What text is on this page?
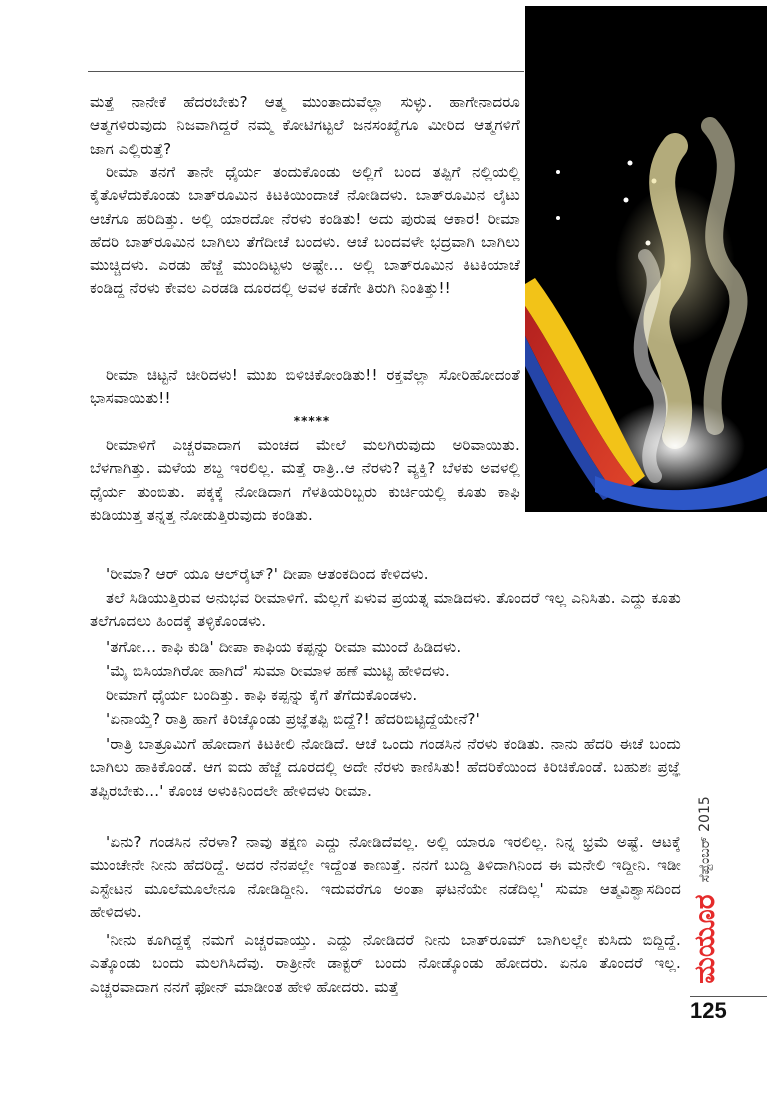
ಮತ್ತೆ ನಾನೇಕೆ ಹೆದರಬೇಕು? ಆತ್ಮ ಮುಂತಾದುವೆಲ್ಲಾ ಸುಳ್ಳು. ಹಾಗೇನಾದರೂ ಆತ್ಮಗಳಿರುವುದು ನಿಜವಾಗಿದ್ದರೆ ನಮ್ಮ ಕೋಟಿಗಟ್ಟಲೆ ಜನಸಂಖ್ಯೆಗೂ ಮೀರಿದ ಆತ್ಮಗಳಿಗೆ ಜಾಗ ಎಲ್ಲಿರುತ್ತೆ?

ರೀಮಾ ತನಗೆ ತಾನೇ ಧೈರ್ಯ ತಂದುಕೊಂಡು ಅಲ್ಲಿಗೆ ಬಂದ ತಪ್ಪಿಗೆ ನಲ್ಲಿಯಲ್ಲಿ ಕೈತೊಳೆದುಕೊಂಡು ಬಾತ್‌ರೂಮಿನ ಕಿಟಕಿಯಿಂದಾಚೆ ನೋಡಿದಳು. ಬಾತ್‌ರೂಮಿನ ಲೈಟು ಆಚೆಗೂ ಹರಿದಿತ್ತು. ಅಲ್ಲಿ ಯಾರದೋ ನೆರಳು ಕಂಡಿತು! ಅದು ಪುರುಷ ಆಕಾರ! ರೀಮಾ ಹೆದರಿ ಬಾತ್‌ರೂಮಿನ ಬಾಗಿಲು ತೆಗೆದೀಚೆ ಬಂದಳು. ಆಚೆ ಬಂದವಳೇ ಭದ್ರವಾಗಿ ಬಾಗಿಲು ಮುಚ್ಚಿದಳು. ಎರಡು ಹೆಜ್ಜೆ ಮುಂದಿಟ್ಟಳು ಅಷ್ಟೇ... ಅಲ್ಲಿ ಬಾತ್‌ರೂಮಿನ ಕಿಟಕಿಯಾಚೆ ಕಂಡಿದ್ದ ನೆರಳು ಕೇವಲ ಎರಡಡಿ ದೂರದಲ್ಲಿ ಅವಳ ಕಡೆಗೇ ತಿರುಗಿ ನಿಂತಿತ್ತು!!

ರೀಮಾ ಚಿಟ್ಟನೆ ಚೀರಿದಳು! ಮುಖ ಬಿಳಿಚಿಕೋಂಡಿತು!! ರಕ್ತವೆಲ್ಲಾ ಸೋರಿಹೋದಂತೆ ಭಾಸವಾಯಿತು!!

*****

ರೀಮಾಳಿಗೆ ಎಚ್ಚರವಾದಾಗ ಮಂಚದ ಮೇಲೆ ಮಲಗಿರುವುದು ಅರಿವಾಯಿತು. ಬೆಳಗಾಗಿತ್ತು. ಮಳೆಯ ಶಬ್ದ ಇರಲಿಲ್ಲ. ಮತ್ತೆ ರಾತ್ರಿ..ಆ ನೆರಳು? ವ್ಯಕ್ತಿ? ಬೆಳಕು ಅವಳಲ್ಲಿ ಧೈರ್ಯ ತುಂಬಿತು. ಪಕ್ಕಕ್ಕೆ ನೋಡಿದಾಗ ಗೆಳತಿಯರಿಬ್ಬರು ಕುರ್ಚಿಯಲ್ಲಿ ಕೂತು ಕಾಫಿ ಕುಡಿಯುತ್ತ ತನ್ನತ್ತ ನೋಡುತ್ತಿರುವುದು ಕಂಡಿತು.

'ರೀಮಾ? ಆರ್ ಯೂ ಆಲ್‌ರೈಟ್?' ದೀಪಾ ಆತಂಕದಿಂದ ಕೇಳಿದಳು.

ತಲೆ ಸಿಡಿಯುತ್ತಿರುವ ಅನುಭವ ರೀಮಾಳಿಗೆ. ಮೆಲ್ಲಗೆ ಏಳುವ ಪ್ರಯತ್ನ ಮಾಡಿದಳು. ತೊಂದರೆ ಇಲ್ಲ ಎನಿಸಿತು. ಎದ್ದು ಕೂತು ತಲೆಗೂದಲು ಹಿಂದಕ್ಕೆ ತಳ್ಳಿಕೊಂಡಳು.

'ತಗೋ... ಕಾಫಿ ಕುಡಿ' ದೀಪಾ ಕಾಫಿಯ ಕಪ್ಪನ್ನು ರೀಮಾ ಮುಂದೆ ಹಿಡಿದಳು.

'ಮೈ ಬಿಸಿಯಾಗಿರೋ ಹಾಗಿದೆ' ಸುಮಾ ರೀಮಾಳ ಹಣೆ ಮುಟ್ಟಿ ಹೇಳಿದಳು.

ರೀಮಾಗೆ ಧೈರ್ಯ ಬಂದಿತ್ತು. ಕಾಫಿ ಕಪ್ಪನ್ನು ಕೈಗೆ ತೆಗೆದುಕೊಂಡಳು.

'ಏನಾಯ್ತೆ? ರಾತ್ರಿ ಹಾಗೆ ಕಿರಿಚ್ಕೊಂಡು ಪ್ರಜ್ಞೆತಪ್ಪಿ ಬಿದ್ದೆ?! ಹೆದರಿಬಿಟ್ಟಿದ್ದೆಯೇನೆ?'

'ರಾತ್ರಿ ಬಾತ್ರೂಮಿಗೆ ಹೋದಾಗ ಕಿಟಕೀಲಿ ನೋಡಿದೆ. ಆಚೆ ಒಂದು ಗಂಡಸಿನ ನೆರಳು ಕಂಡಿತು. ನಾನು ಹೆದರಿ ಈಚೆ ಬಂದು ಬಾಗಿಲು ಹಾಕಿಕೊಂಡೆ. ಆಗ ಐದು ಹೆಜ್ಜೆ ದೂರದಲ್ಲಿ ಅದೇ ನೆರಳು ಕಾಣಿಸಿತು! ಹೆದರಿಕೆಯಿಂದ ಕಿರಿಚಿಕೊಂಡೆ. ಬಹುಶಃ ಪ್ರಜ್ಞೆ ತಪ್ಪಿರಬೇಕು...' ಕೊಂಚ ಅಳುಕಿನಿಂದಲೇ ಹೇಳಿದಳು ರೀಮಾ.

'ಏನು? ಗಂಡಸಿನ ನೆರಳಾ? ನಾವು ತಕ್ಷಣ ಎದ್ದು ನೋಡಿದೆವಲ್ಲ. ಅಲ್ಲಿ ಯಾರೂ ಇರಲಿಲ್ಲ. ನಿನ್ನ ಭ್ರಮೆ ಅಷ್ಟೆ. ಆಟಕ್ಕೆ ಮುಂಚೇನೇ ನೀನು ಹೆದರಿದ್ದೆ. ಅದರ ನೆನಪಲ್ಲೇ ಇದ್ದೆಂತ ಕಾಣುತ್ತೆ. ನನಗೆ ಬುದ್ದಿ ತಿಳಿದಾಗಿನಿಂದ ಈ ಮನೇಲಿ ಇದ್ದೀನಿ. ಇಡೀ ಎಸ್ಟೇಟನ ಮೂಲೆಮೂಲೇನೂ ನೋಡಿದ್ದೀನಿ. ಇದುವರೆಗೂ ಅಂತಾ ಘಟನೆಯೇ ನಡೆದಿಲ್ಲ' ಸುಮಾ ಆತ್ಮವಿಶ್ವಾಸದಿಂದ ಹೇಳಿದಳು.

'ನೀನು ಕೂಗಿದ್ದಕ್ಕೆ ನಮಗೆ ಎಚ್ಚರವಾಯ್ತು. ಎದ್ದು ನೋಡಿದರೆ ನೀನು ಬಾತ್‌ರೂಮ್ ಬಾಗಿಲಲ್ಲೇ ಕುಸಿದು ಬಿದ್ದಿದ್ದೆ. ಎತ್ಕೊಂಡು ಬಂದು ಮಲಗಿಸಿದೆವು. ರಾತ್ರೀನೇ ಡಾಕ್ಟರ್ ಬಂದು ನೋಡ್ಕೊಂಡು ಹೋದರು. ಏನೂ ತೊಂದರೆ ಇಲ್ಲ. ಎಚ್ಚರವಾದಾಗ ನನಗೆ ಫೋನ್ ಮಾಡೀಂತ ಹೇಳಿ ಹೋದರು. ಮತ್ತೆ

ಮಯೂರ
ಸೆಪ್ಟೆಂಬರ್ 2015
125
